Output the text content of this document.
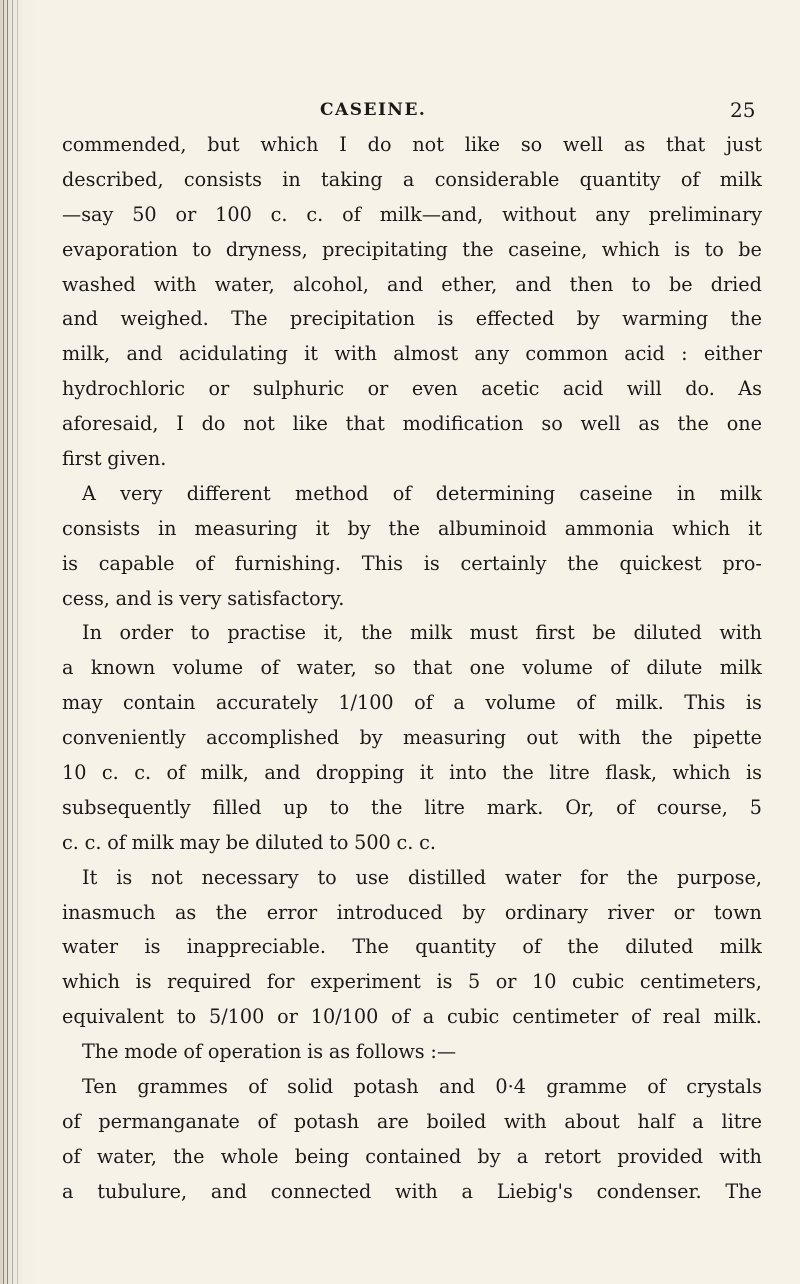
CASEINE.	25
commended, but which I do not like so well as that just
described, consists in taking a considerable quantity of milk
—say 50 or 100 c. c. of milk—and, without any preliminary
evaporation to dryness, precipitating the caseine, which is to be
washed with water, alcohol, and ether, and then to be dried
and weighed. The precipitation is effected by warming the
milk, and acidulating it with almost any common acid : either
hydrochloric or sulphuric or even acetic acid will do. As
aforesaid, I do not like that modification so well as the one
first given.
A very different method of determining caseine in milk
consists in measuring it by the albuminoid ammonia which it
is capable of furnishing. This is certainly the quickest pro-
cess, and is very satisfactory.
In order to practise it, the milk must first be diluted with
a known volume of water, so that one volume of dilute milk
may contain accurately 1/100 of a volume of milk. This is
conveniently accomplished by measuring out with the pipette
10 c. c. of milk, and dropping it into the litre flask, which is
subsequently filled up to the litre mark. Or, of course, 5
c. c. of milk may be diluted to 500 c. c.
It is not necessary to use distilled water for the purpose,
inasmuch as the error introduced by ordinary river or town
water is inappreciable. The quantity of the diluted milk
which is required for experiment is 5 or 10 cubic centimeters,
equivalent to 5/100 or 10/100 of a cubic centimeter of real milk.
The mode of operation is as follows :—
Ten grammes of solid potash and 0·4 gramme of crystals
of permanganate of potash are boiled with about half a litre
of water, the whole being contained by a retort provided with
a tubulure, and connected with a Liebig's condenser. The
